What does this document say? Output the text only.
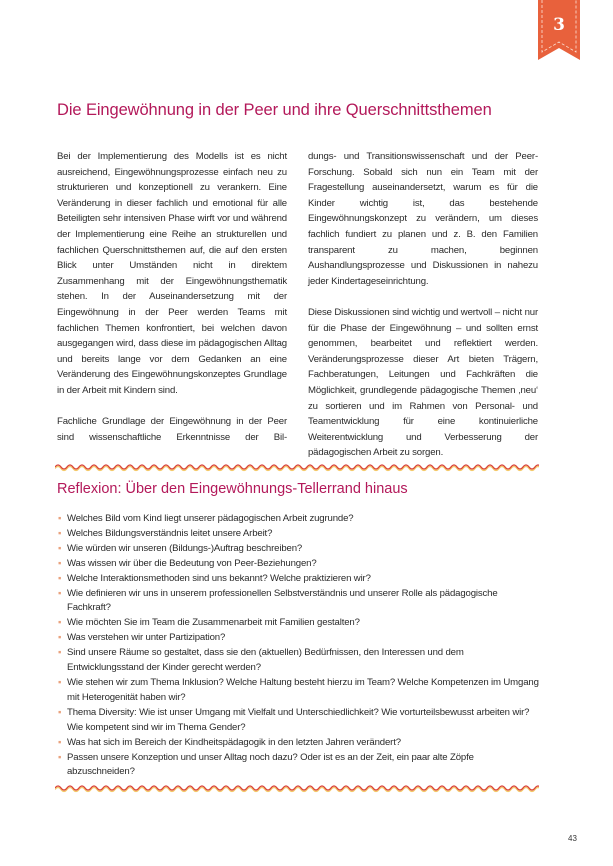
3
Die Eingewöhnung in der Peer und ihre Querschnittsthemen

Bei der Implementierung des Modells ist es nicht ausreichend, Eingewöhnungsprozesse einfach neu zu strukturieren und konzeptionell zu verankern. Eine Veränderung in dieser fachlich und emotional für alle Beteiligten sehr intensiven Phase wirft vor und während der Implementierung eine Reihe an strukturellen und fachlichen Querschnittsthemen auf, die auf den ersten Blick unter Umständen nicht in direktem Zusammenhang mit der Eingewöhnungsthematik stehen. In der Auseinandersetzung mit der Eingewöhnung in der Peer werden Teams mit fachlichen Themen konfrontiert, bei welchen davon ausgegangen wird, dass diese im pädagogischen Alltag und bereits lange vor dem Gedanken an eine Veränderung des Eingewöhnungskonzeptes Grundlage in der Arbeit mit Kindern sind.

Fachliche Grundlage der Eingewöhnung in der Peer sind wissenschaftliche Erkenntnisse der Bil-

dungs- und Transitionswissenschaft und der Peer-Forschung. Sobald sich nun ein Team mit der Fragestellung auseinandersetzt, warum es für die Kinder wichtig ist, das bestehende Eingewöhnungskonzept zu verändern, um dieses fachlich fundiert zu planen und z. B. den Familien transparent zu machen, beginnen Aushandlungsprozesse und Diskussionen in nahezu jeder Kindertageseinrichtung.

Diese Diskussionen sind wichtig und wertvoll – nicht nur für die Phase der Eingewöhnung – und sollten ernst genommen, bearbeitet und reflektiert werden. Veränderungsprozesse dieser Art bieten Trägern, Fachberatungen, Leitungen und Fachkräften die Möglichkeit, grundlegende pädagogische Themen ‚neu‘ zu sortieren und im Rahmen von Personal- und Teamentwicklung für eine kontinuierliche Weiterentwicklung und Verbesserung der pädagogischen Arbeit zu sorgen.

Reflexion: Über den Eingewöhnungs-Tellerrand hinaus
▪ Welches Bild vom Kind liegt unserer pädagogischen Arbeit zugrunde?
▪ Welches Bildungsverständnis leitet unsere Arbeit?
▪ Wie würden wir unseren (Bildungs-)Auftrag beschreiben?
▪ Was wissen wir über die Bedeutung von Peer-Beziehungen?
▪ Welche Interaktionsmethoden sind uns bekannt? Welche praktizieren wir?
▪ Wie definieren wir uns in unserem professionellen Selbstverständnis und unserer Rolle als pädagogische Fachkraft?
▪ Wie möchten Sie im Team die Zusammenarbeit mit Familien gestalten?
▪ Was verstehen wir unter Partizipation?
▪ Sind unsere Räume so gestaltet, dass sie den (aktuellen) Bedürfnissen, den Interessen und dem Entwicklungsstand der Kinder gerecht werden?
▪ Wie stehen wir zum Thema Inklusion? Welche Haltung besteht hierzu im Team? Welche Kompetenzen im Umgang mit Heterogenität haben wir?
▪ Thema Diversity: Wie ist unser Umgang mit Vielfalt und Unterschiedlichkeit? Wie vorturteilsbewusst arbeiten wir? Wie kompetent sind wir im Thema Gender?
▪ Was hat sich im Bereich der Kindheitspädagogik in den letzten Jahren verändert?
▪ Passen unsere Konzeption und unser Alltag noch dazu? Oder ist es an der Zeit, ein paar alte Zöpfe abzuschneiden?
43
